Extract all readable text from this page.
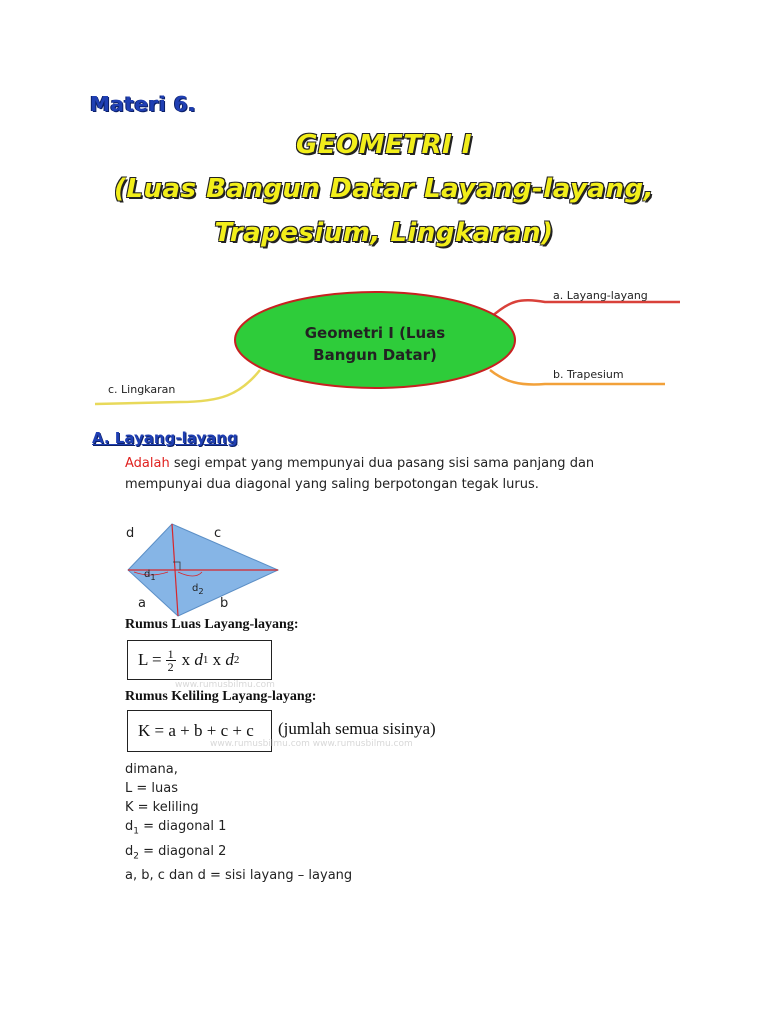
Materi 6.
GEOMETRI I
(Luas Bangun Datar Layang-layang,
Trapesium, Lingkaran)
Geometri I (Luas
Bangun Datar)
a. Layang-layang
b. Trapesium
c. Lingkaran
A. Layang-layang
Adalah segi empat yang mempunyai dua pasang sisi sama panjang dan
mempunyai dua diagonal yang saling berpotongan tegak lurus.
d	c
a	b
$d_1$
$d_2$
Rumus Luas Layang-layang:
$L = \frac{1}{2}$ x
d 1
x
d 2
www.rumusbilmu.com
Rumus Keliling Layang-layang:
K = a + b + c + c (jumlah semua sisinya)
www.rumusbilmu.com www.rumusbilmu.com
dimana,
L = luas
K = keliling
$d_1$ = diagonal 1
$d_2$ = diagonal 2
a, b, c dan d = sisi layang – layang
